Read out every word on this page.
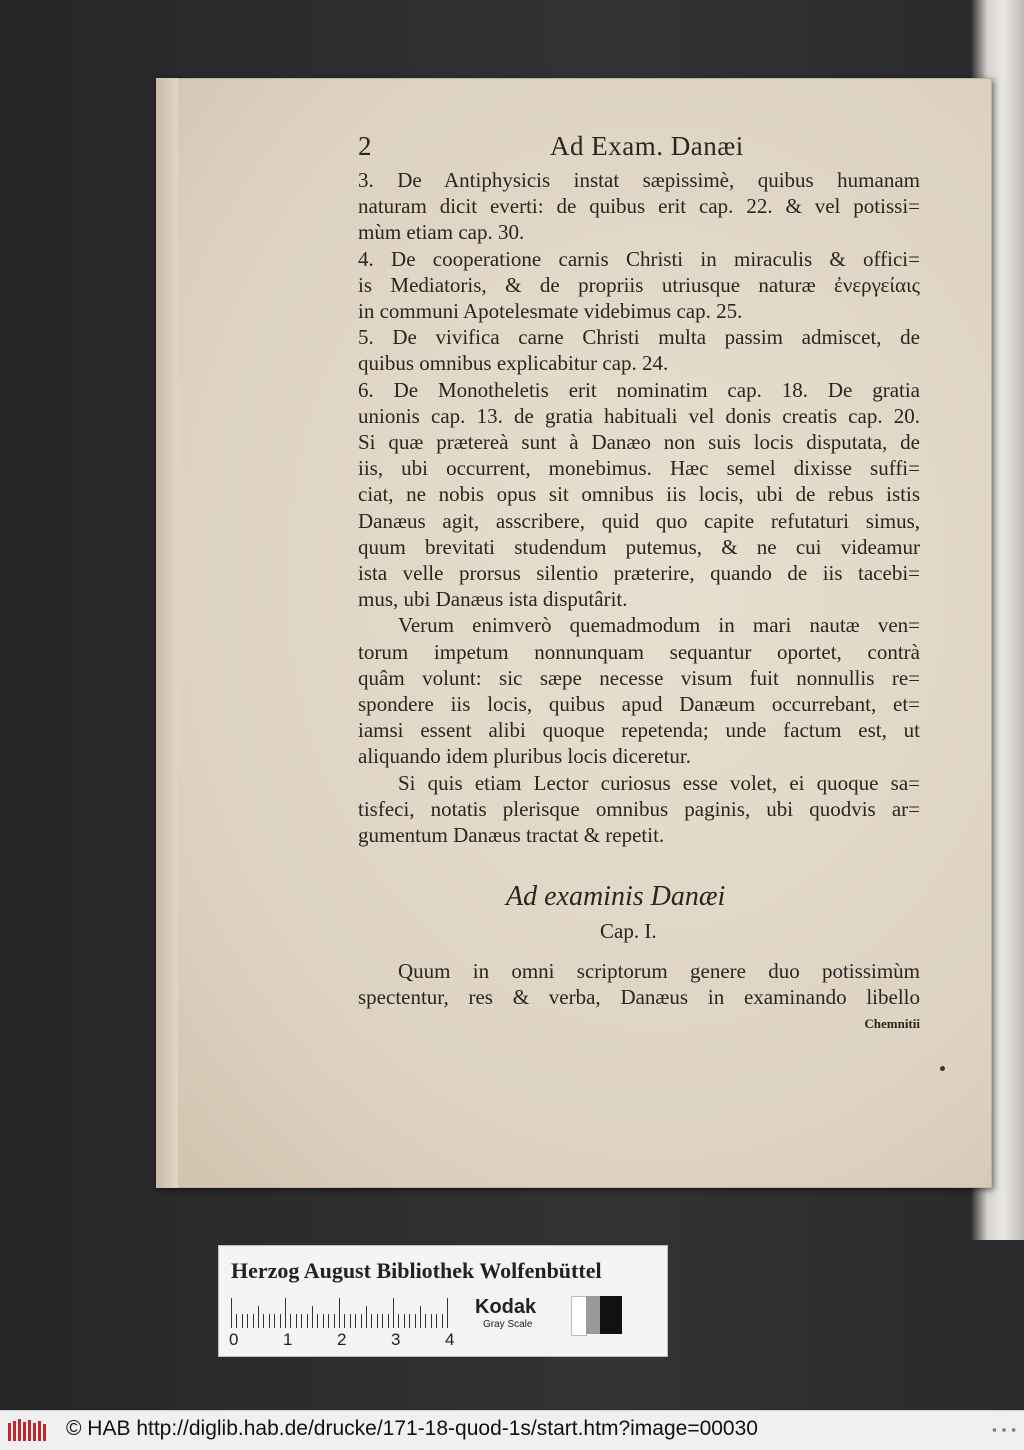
2	Ad Exam. Danæi
3. De Antiphysicis instat sæpissimè, quibus humanam
naturam dicit everti: de quibus erit cap. 22. & vel potissi=
mùm etiam cap. 30.
4. De cooperatione carnis Christi in miraculis & offici=
is Mediatoris, & de propriis utriusque naturæ ἐνεργείαις
in communi Apotelesmate videbimus cap. 25.
5. De vivifica carne Christi multa passim admiscet, de
quibus omnibus explicabitur cap. 24.
6. De Monotheletis erit nominatim cap. 18. De gratia
unionis cap. 13. de gratia habituali vel donis creatis cap. 20.
Si quæ prætereà sunt à Danæo non suis locis disputata, de
iis, ubi occurrent, monebimus. Hæc semel dixisse suffi=
ciat, ne nobis opus sit omnibus iis locis, ubi de rebus istis
Danæus agit, asscribere, quid quo capite refutaturi simus,
quum brevitati studendum putemus, & ne cui videamur
ista velle prorsus silentio præterire, quando de iis tacebi=
mus, ubi Danæus ista disputârit.
Verum enimverò quemadmodum in mari nautæ ven=
torum impetum nonnunquam sequantur oportet, contrà
quâm volunt: sic sæpe necesse visum fuit nonnullis re=
spondere iis locis, quibus apud Danæum occurrebant, et=
iamsi essent alibi quoque repetenda; unde factum est, ut
aliquando idem pluribus locis diceretur.
Si quis etiam Lector curiosus esse volet, ei quoque sa=
tisfeci, notatis plerisque omnibus paginis, ubi quodvis ar=
gumentum Danæus tractat & repetit.
Ad examinis Danæi
Cap. I.
Quum in omni scriptorum genere duo potissimùm
spectentur, res & verba, Danæus in examinando libello
Chemnitii
Herzog August Bibliothek Wolfenbüttel
0	1	2	3	4
Kodak
Gray Scale
© HAB http://diglib.hab.de/drucke/171-18-quod-1s/start.htm?image=00030	▪ ▪ ▪
